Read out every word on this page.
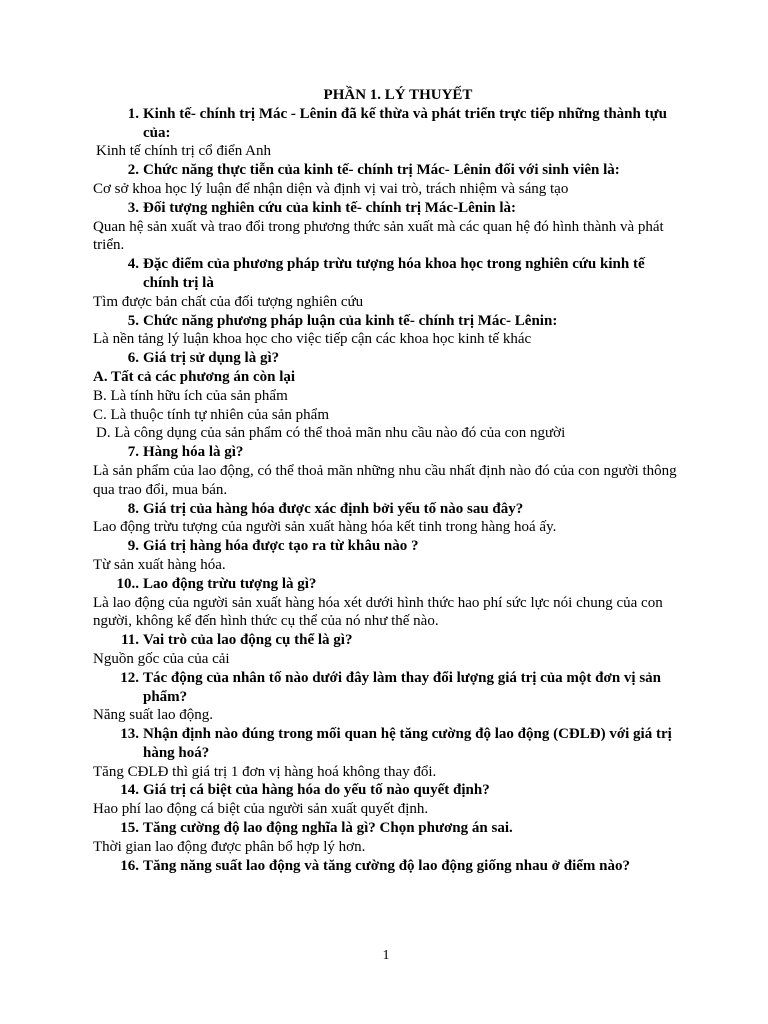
PHẦN 1. LÝ THUYẾT

1. Kinh tế- chính trị Mác - Lênin đã kế thừa và phát triển trực tiếp những thành tựu của:

Kinh tế chính trị cổ điển Anh

2. Chức năng thực tiễn của kinh tế- chính trị Mác- Lênin đối với sinh viên là:

Cơ sở khoa học lý luận để nhận diện và định vị vai trò, trách nhiệm và sáng tạo

3. Đối tượng nghiên cứu của kinh tế- chính trị Mác-Lênin là:

Quan hệ sản xuất và trao đổi trong phương thức sản xuất mà các quan hệ đó hình thành và phát triển.

4. Đặc điểm của phương pháp trừu tượng hóa khoa học trong nghiên cứu kinh tế chính trị là

Tìm được bản chất của đối tượng nghiên cứu

5. Chức năng phương pháp luận của kinh tế- chính trị Mác- Lênin:

Là nền tảng lý luận khoa học cho việc tiếp cận các khoa học kinh tế khác

6. Giá trị sử dụng là gì?

A. Tất cả các phương án còn lại

B. Là tính hữu ích của sản phẩm

C. Là thuộc tính tự nhiên của sản phẩm

D. Là công dụng của sản phẩm có thể thoả mãn nhu cầu nào đó của con người

7. Hàng hóa là gì?

Là sản phẩm của lao động, có thể thoả mãn những nhu cầu nhất định nào đó của con người thông qua trao đổi, mua bán.

8. Giá trị của hàng hóa được xác định bởi yếu tố nào sau đây?

Lao động trừu tượng của người sản xuất hàng hóa kết tinh trong hàng hoá ấy.

9. Giá trị hàng hóa được tạo ra từ khâu nào ?

Từ sản xuất hàng hóa.

10.. Lao động trừu tượng là gì?

Là lao động của người sản xuất hàng hóa xét dưới hình thức hao phí sức lực nói chung của con người, không kể đến hình thức cụ thể của nó như thế nào.

11. Vai trò của lao động cụ thể là gì?

Nguồn gốc của của cải

12. Tác động của nhân tố nào dưới đây làm thay đổi lượng giá trị của một đơn vị sản phẩm?

Năng suất lao động.

13. Nhận định nào đúng trong mối quan hệ tăng cường độ lao động (CĐLĐ) với giá trị hàng hoá?

Tăng CĐLĐ thì giá trị 1 đơn vị hàng hoá không thay đổi.

14. Giá trị cá biệt của hàng hóa do yếu tố nào quyết định?

Hao phí lao động cá biệt của người sản xuất quyết định.

15. Tăng cường độ lao động nghĩa là gì? Chọn phương án sai.

Thời gian lao động được phân bổ hợp lý hơn.

16. Tăng năng suất lao động và tăng cường độ lao động giống nhau ở điểm nào?
1
